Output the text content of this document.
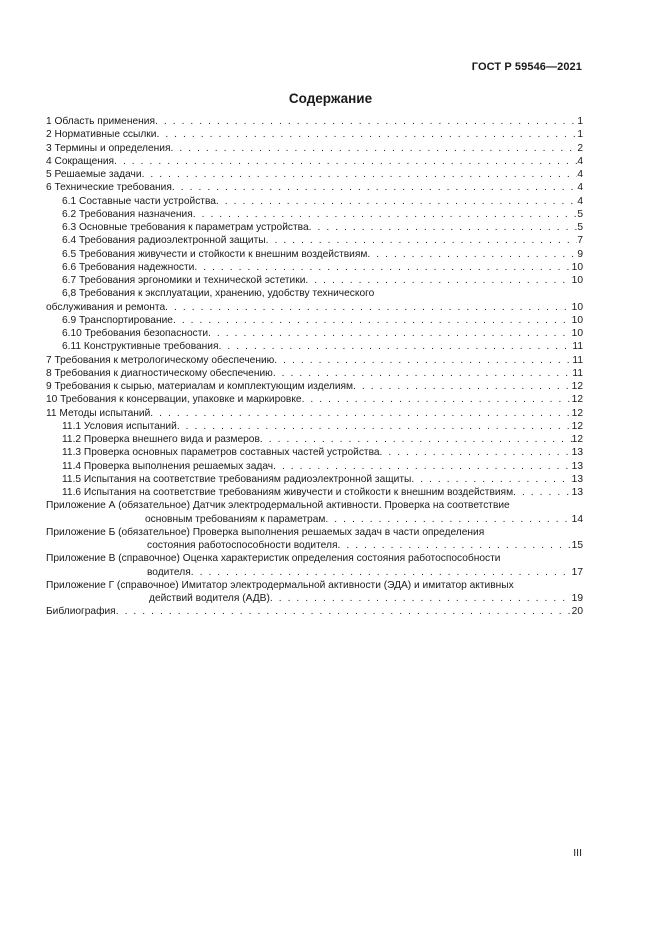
ГОСТ Р 59546—2021
Содержание
1 Область применения . . .	1
2 Нормативные ссылки . . .	1
3 Термины и определения . . .	2
4 Сокращения . . .	4
5 Решаемые задачи . . .	4
6 Технические требования . . .	4
6.1 Составные части устройства . . .	4
6.2 Требования назначения . . .	5
6.3 Основные требования к параметрам устройства . . .	5
6.4 Требования радиоэлектронной защиты . . .	7
6.5 Требования живучести и стойкости к внешним воздействиям . . .	9
6.6 Требования надежности . . .	10
6.7 Требования эргономики и технической эстетики . . .	10
6,8 Требования к эксплуатации, хранению, удобству технического
обслуживания и ремонта . . .	10
6.9 Транспортирование . . .	10
6.10 Требования безопасности . . .	10
6.11 Конструктивные требования . . .	11
7 Требования к метрологическому обеспечению . . .	11
8 Требования к диагностическому обеспечению . . .	11
9 Требования к сырью, материалам и комплектующим изделиям . . .	12
10 Требования к консервации, упаковке и маркировке . . .	12
11 Методы испытаний . . .	12
11.1 Условия испытаний . . .	12
11.2 Проверка внешнего вида и размеров . . .	12
11.3 Проверка основных параметров составных частей устройства . . .	13
11.4 Проверка выполнения решаемых задач . . .	13
11.5 Испытания на соответствие требованиям радиоэлектронной защиты . . .	13
11.6 Испытания на соответствие требованиям живучести и стойкости к внешним воздействиям . . .	13
Приложение А (обязательное) Датчик электродермальной активности. Проверка на соответствие
основным требованиям к параметрам . . .	14
Приложение Б (обязательное) Проверка выполнения решаемых задач в части определения
состояния работоспособности водителя . . .	15
Приложение В (справочное) Оценка характеристик определения состояния работоспособности
водителя . . .	17
Приложение Г (справочное) Имитатор электродермальной активности (ЭДА) и имитатор активных
действий водителя (АДВ) . . .	19
Библиография . . .	20
III
